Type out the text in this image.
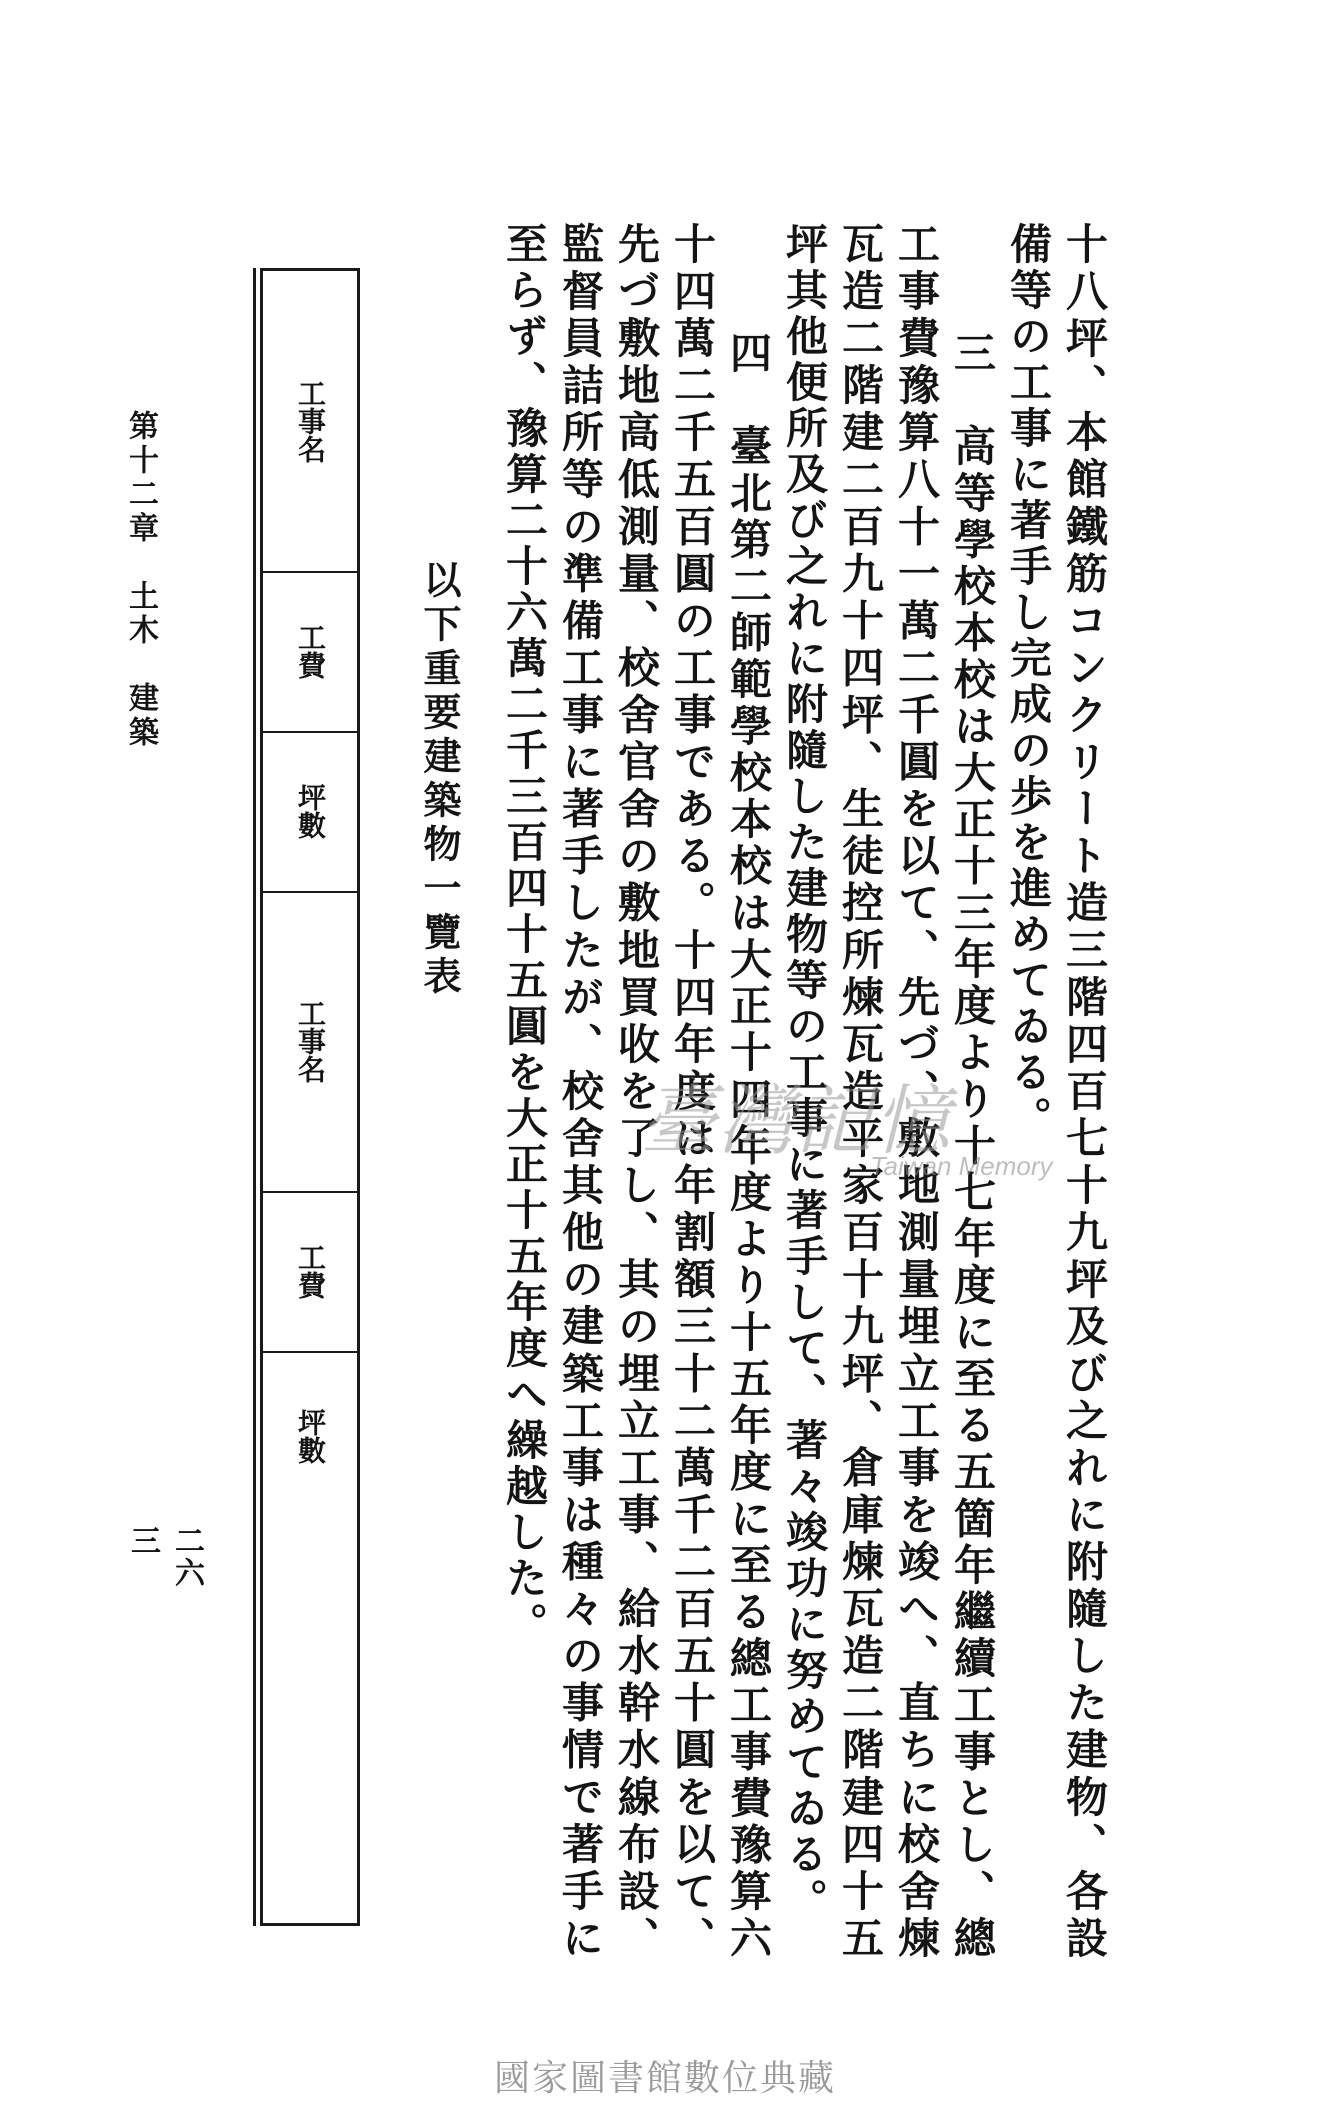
十八坪、本館鐵筋コンクリート造三階四百七十九坪及び之れに附隨した建物、各設備等の工事に著手し完成の歩を進めてゐる。
三　高等學校本校は大正十三年度より十七年度に至る五箇年繼續工事とし、總工事費豫算八十一萬二千圓を以て、先づ、敷地測量埋立工事を竣へ、直ちに校舍煉瓦造二階建二百九十四坪、生徒控所煉瓦造平家百十九坪、倉庫煉瓦造二階建四十五坪其他便所及び之れに附隨した建物等の工事に著手して、著々竣功に努めてゐる。
四　臺北第二師範學校本校は大正十四年度より十五年度に至る總工事費豫算六十四萬二千五百圓の工事である。十四年度は年割額三十二萬千二百五十圓を以て、先づ敷地高低測量、校舍官舍の敷地買收を了し、其の埋立工事、給水幹水線布設、監督員詰所等の準備工事に著手したが、校舍其他の建築工事は種々の事情で著手に至らず、豫算二十六萬二千三百四十五圓を大正十五年度へ繰越した。
以下重要建築物一覽表
工事名
工費
坪數
工事名
工費
坪數
第十二章　土木　建築
二六三
臺灣記憶
Taiwan Memory
國家圖書館數位典藏
